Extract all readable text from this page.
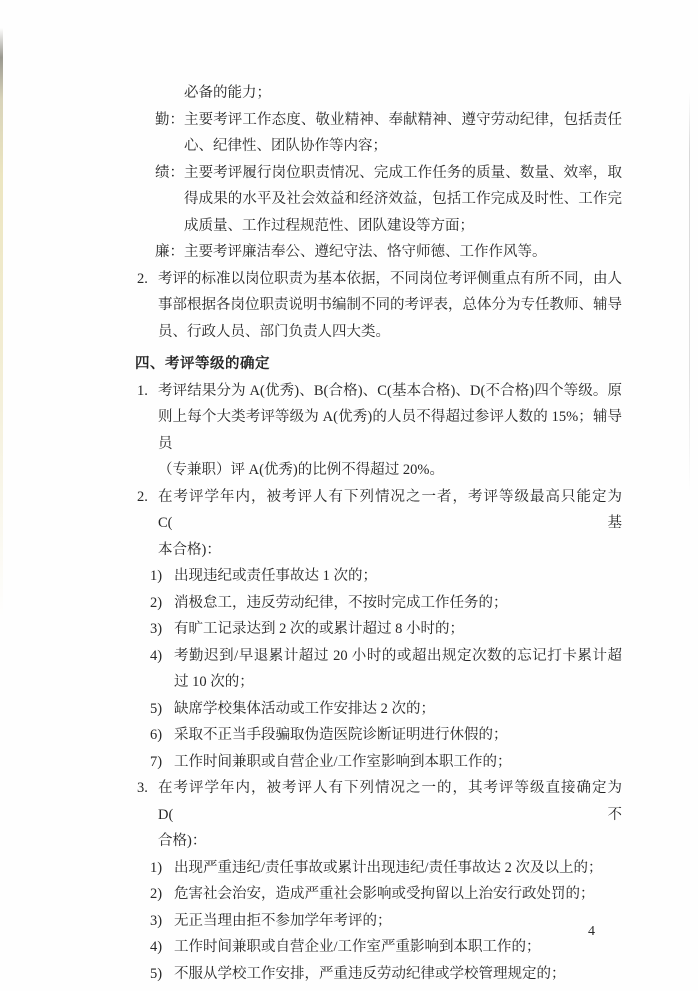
必备的能力；
勤： 主要考评工作态度、敬业精神、奉献精神、遵守劳动纪律，包括责任
心、纪律性、团队协作等内容；
绩： 主要考评履行岗位职责情况、完成工作任务的质量、数量、效率，取
得成果的水平及社会效益和经济效益，包括工作完成及时性、工作完
成质量、工作过程规范性、团队建设等方面；
廉： 主要考评廉洁奉公、遵纪守法、恪守师德、工作作风等。
2. 考评的标准以岗位职责为基本依据，不同岗位考评侧重点有所不同，由人
事部根据各岗位职责说明书编制不同的考评表，总体分为专任教师、辅导
员、行政人员、部门负责人四大类。
四、考评等级的确定
1. 考评结果分为 A(优秀)、B(合格)、C(基本合格)、D(不合格)四个等级。原
则上每个大类考评等级为 A(优秀)的人员不得超过参评人数的 15%；辅导员
（专兼职）评 A(优秀)的比例不得超过 20%。
2. 在考评学年内，被考评人有下列情况之一者，考评等级最高只能定为 C(基
本合格)：
1) 出现违纪或责任事故达 1 次的；
2) 消极怠工，违反劳动纪律，不按时完成工作任务的；
3) 有旷工记录达到 2 次的或累计超过 8 小时的；
4) 考勤迟到/早退累计超过 20 小时的或超出规定次数的忘记打卡累计超
过 10 次的；
5) 缺席学校集体活动或工作安排达 2 次的；
6) 采取不正当手段骗取伪造医院诊断证明进行休假的；
7) 工作时间兼职或自营企业/工作室影响到本职工作的；
3. 在考评学年内，被考评人有下列情况之一的，其考评等级直接确定为 D(不
合格)：
1) 出现严重违纪/责任事故或累计出现违纪/责任事故达 2 次及以上的；
2) 危害社会治安，造成严重社会影响或受拘留以上治安行政处罚的；
3) 无正当理由拒不参加学年考评的；
4) 工作时间兼职或自营企业/工作室严重影响到本职工作的；
5) 不服从学校工作安排，严重违反劳动纪律或学校管理规定的；
4
